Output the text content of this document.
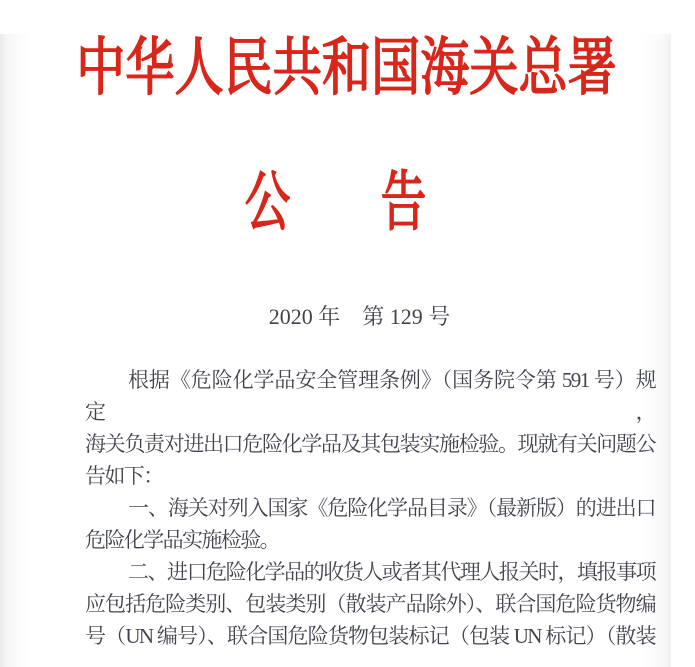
中华人民共和国海关总署
公 告
2020 年　第 129 号

根据《危险化学品安全管理条例》（国务院令第 591 号）规定，
海关负责对进出口危险化学品及其包装实施检验。现就有关问题公
告如下：

一、海关对列入国家《危险化学品目录》（最新版）的进出口
危险化学品实施检验。

二、进口危险化学品的收货人或者其代理人报关时，填报事项
应包括危险类别、包装类别（散装产品除外）、联合国危险货物编
号（UN 编号）、联合国危险货物包装标记（包装 UN 标记）（散装
